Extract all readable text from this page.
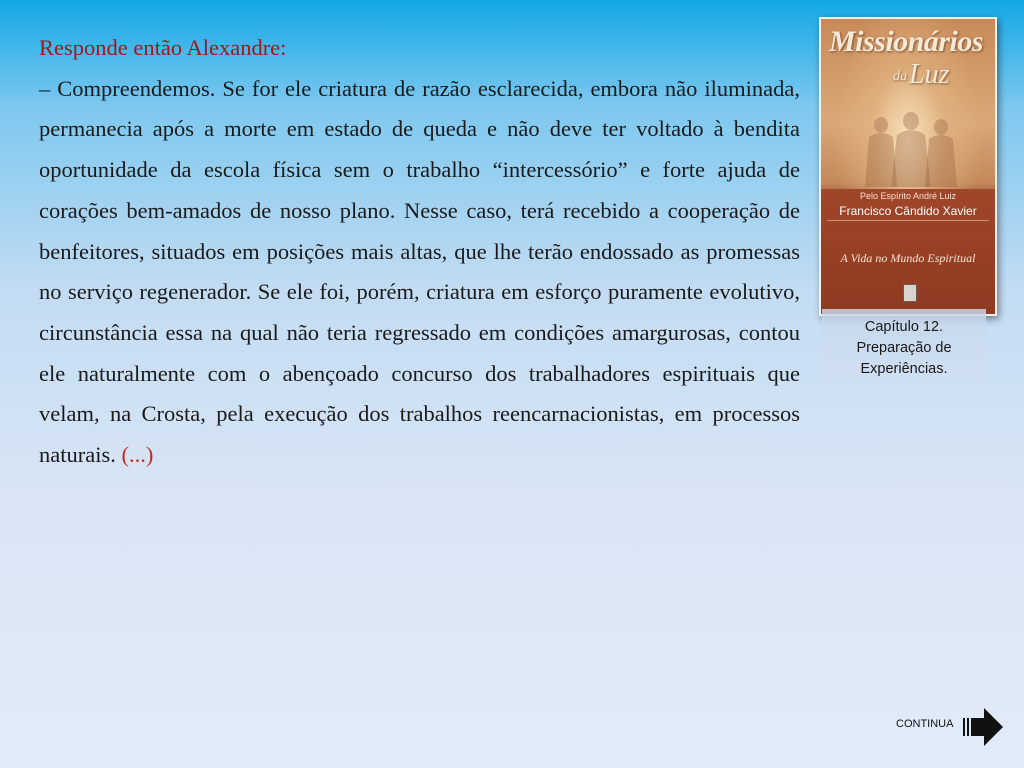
Responde então Alexandre:

– Compreendemos. Se for ele criatura de razão esclarecida, embora não iluminada, permanecia após a morte em estado de queda e não deve ter voltado à bendita oportunidade da escola física sem o trabalho “intercessório” e forte ajuda de corações bem-amados de nosso plano. Nesse caso, terá recebido a cooperação de benfeitores, situados em posições mais altas, que lhe terão endossado as promessas no serviço regenerador. Se ele foi, porém, criatura em esforço puramente evolutivo, circunstância essa na qual não teria regressado em condições amargurosas, contou ele naturalmente com o abençoado concurso dos trabalhadores espirituais que velam, na Crosta, pela execução dos trabalhos reencarnacionistas, em processos naturais. (...)

Missionários
daLuz
Pelo Espírito André Luiz
Francisco Cândido Xavier
A Vida no Mundo Espiritual
Capítulo 12.
Preparação de
Experiências.
CONTINUA
